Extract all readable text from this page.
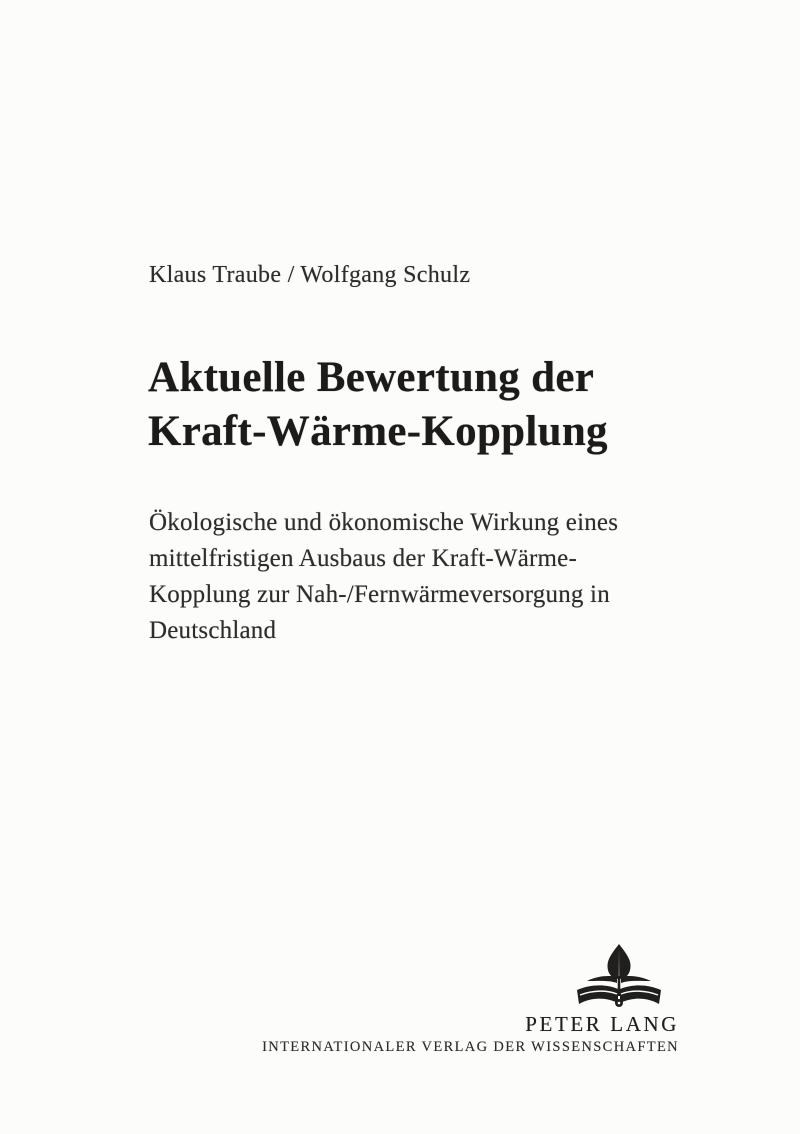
Klaus Traube / Wolfgang Schulz
Aktuelle Bewertung der
Kraft-Wärme-Kopplung
Ökologische und ökonomische Wirkung eines
mittelfristigen Ausbaus der Kraft-Wärme-
Kopplung zur Nah-/Fernwärmeversorgung in
Deutschland
PETER LANG
INTERNATIONALER VERLAG DER WISSENSCHAFTEN
